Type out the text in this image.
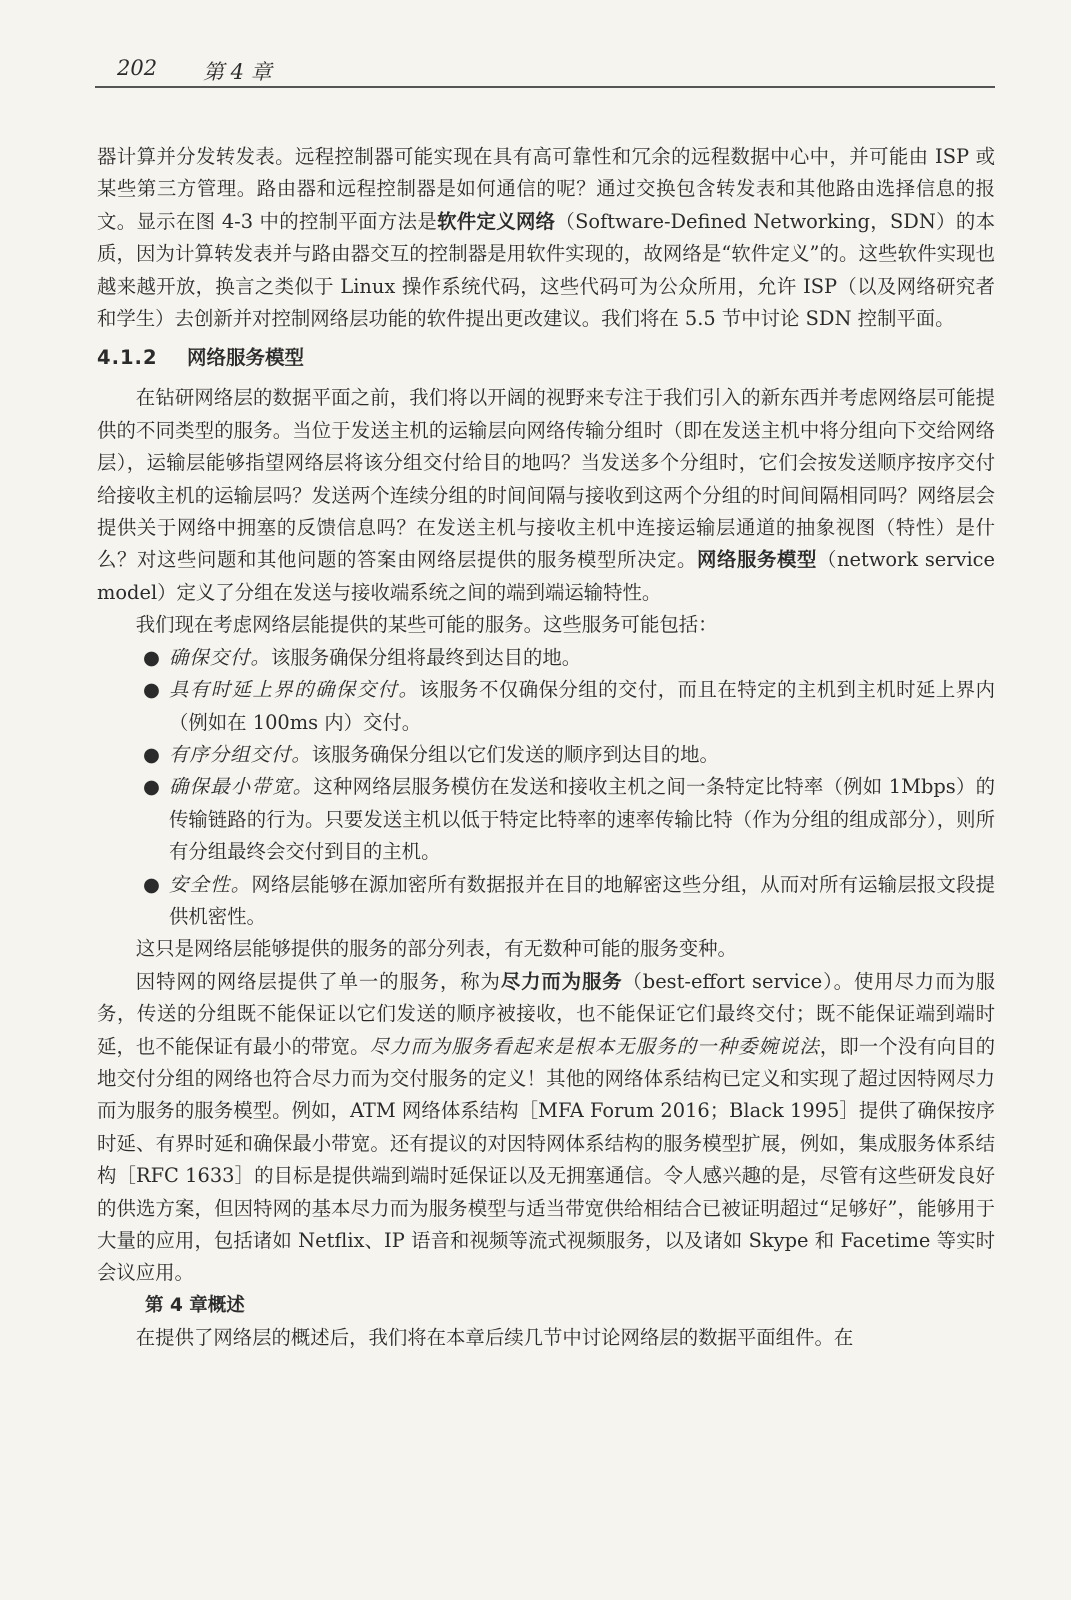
202 第 4 章

器计算并分发转发表。远程控制器可能实现在具有高可靠性和冗余的远程数据中心中，并可能由 ISP 或某些第三方管理。路由器和远程控制器是如何通信的呢？通过交换包含转发表和其他路由选择信息的报文。显示在图 4-3 中的控制平面方法是软件定义网络（Software-Defined Networking，SDN）的本质，因为计算转发表并与路由器交互的控制器是用软件实现的，故网络是“软件定义”的。这些软件实现也越来越开放，换言之类似于 Linux 操作系统代码，这些代码可为公众所用，允许 ISP（以及网络研究者和学生）去创新并对控制网络层功能的软件提出更改建议。我们将在 5.5 节中讨论 SDN 控制平面。

4.1.2 网络服务模型

在钻研网络层的数据平面之前，我们将以开阔的视野来专注于我们引入的新东西并考虑网络层可能提供的不同类型的服务。当位于发送主机的运输层向网络传输分组时（即在发送主机中将分组向下交给网络层），运输层能够指望网络层将该分组交付给目的地吗？当发送多个分组时，它们会按发送顺序按序交付给接收主机的运输层吗？发送两个连续分组的时间间隔与接收到这两个分组的时间间隔相同吗？网络层会提供关于网络中拥塞的反馈信息吗？在发送主机与接收主机中连接运输层通道的抽象视图（特性）是什么？对这些问题和其他问题的答案由网络层提供的服务模型所决定。网络服务模型（network service model）定义了分组在发送与接收端系统之间的端到端运输特性。

我们现在考虑网络层能提供的某些可能的服务。这些服务可能包括：

● 确保交付。该服务确保分组将最终到达目的地。
● 具有时延上界的确保交付。该服务不仅确保分组的交付，而且在特定的主机到主机时延上界内（例如在 100ms 内）交付。
● 有序分组交付。该服务确保分组以它们发送的顺序到达目的地。
● 确保最小带宽。这种网络层服务模仿在发送和接收主机之间一条特定比特率（例如 1Mbps）的传输链路的行为。只要发送主机以低于特定比特率的速率传输比特（作为分组的组成部分），则所有分组最终会交付到目的主机。
● 安全性。网络层能够在源加密所有数据报并在目的地解密这些分组，从而对所有运输层报文段提供机密性。

这只是网络层能够提供的服务的部分列表，有无数种可能的服务变种。

因特网的网络层提供了单一的服务，称为尽力而为服务（best-effort service）。使用尽力而为服务，传送的分组既不能保证以它们发送的顺序被接收，也不能保证它们最终交付；既不能保证端到端时延，也不能保证有最小的带宽。尽力而为服务看起来是根本无服务的一种委婉说法，即一个没有向目的地交付分组的网络也符合尽力而为交付服务的定义！其他的网络体系结构已定义和实现了超过因特网尽力而为服务的服务模型。例如，ATM 网络体系结构［MFA Forum 2016；Black 1995］提供了确保按序时延、有界时延和确保最小带宽。还有提议的对因特网体系结构的服务模型扩展，例如，集成服务体系结构［RFC 1633］的目标是提供端到端时延保证以及无拥塞通信。令人感兴趣的是，尽管有这些研发良好的供选方案，但因特网的基本尽力而为服务模型与适当带宽供给相结合已被证明超过“足够好”，能够用于大量的应用，包括诸如 Netflix、IP 语音和视频等流式视频服务，以及诸如 Skype 和 Facetime 等实时会议应用。

第 4 章概述

在提供了网络层的概述后，我们将在本章后续几节中讨论网络层的数据平面组件。在
